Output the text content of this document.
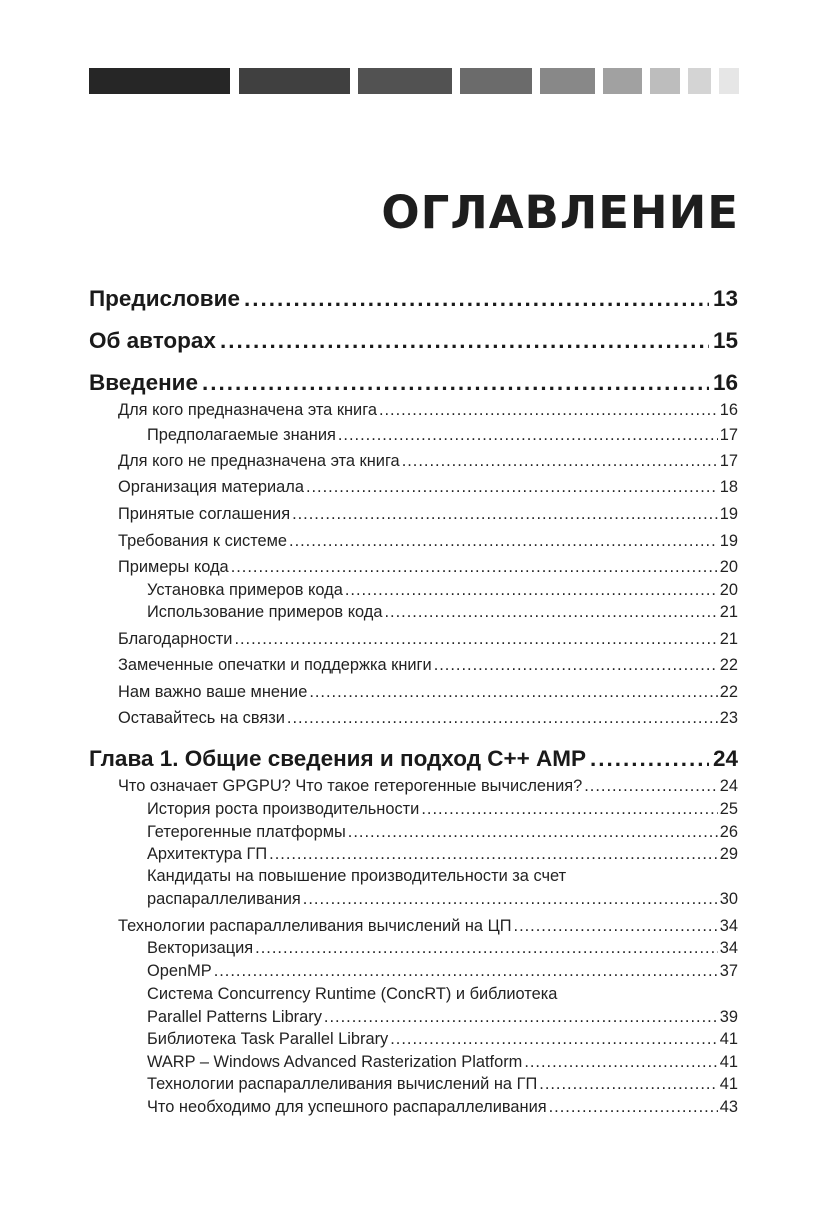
ОГЛАВЛЕНИЕ
Предисловие .....	13
Об авторах .....	15
Введение .....	16
Для кого предназначена эта книга .....	16
Предполагаемые знания .....	17
Для кого не предназначена эта книга .....	17
Организация материала .....	18
Принятые соглашения .....	19
Требования к системе .....	19
Примеры кода .....	20
Установка примеров кода .....	20
Использование примеров кода .....	21
Благодарности .....	21
Замеченные опечатки и поддержка книги .....	22
Нам важно ваше мнение .....	22
Оставайтесь на связи .....	23
Глава 1. Общие сведения и подход С++ AMP .....	24
Что означает GPGPU? Что такое гетерогенные вычисления? .....	24
История роста производительности .....	25
Гетерогенные платформы .....	26
Архитектура ГП .....	29
Кандидаты на повышение производительности за счет
распараллеливания .....	30
Технологии распараллеливания вычислений на ЦП .....	34
Векторизация .....	34
OpenMP .....	37
Система Concurrency Runtime (ConcRT) и библиотека
Parallel Patterns Library .....	39
Библиотека Task Parallel Library .....	41
WARP – Windows Advanced Rasterization Platform .....	41
Технологии распараллеливания вычислений на ГП .....	41
Что необходимо для успешного распараллеливания .....	43
